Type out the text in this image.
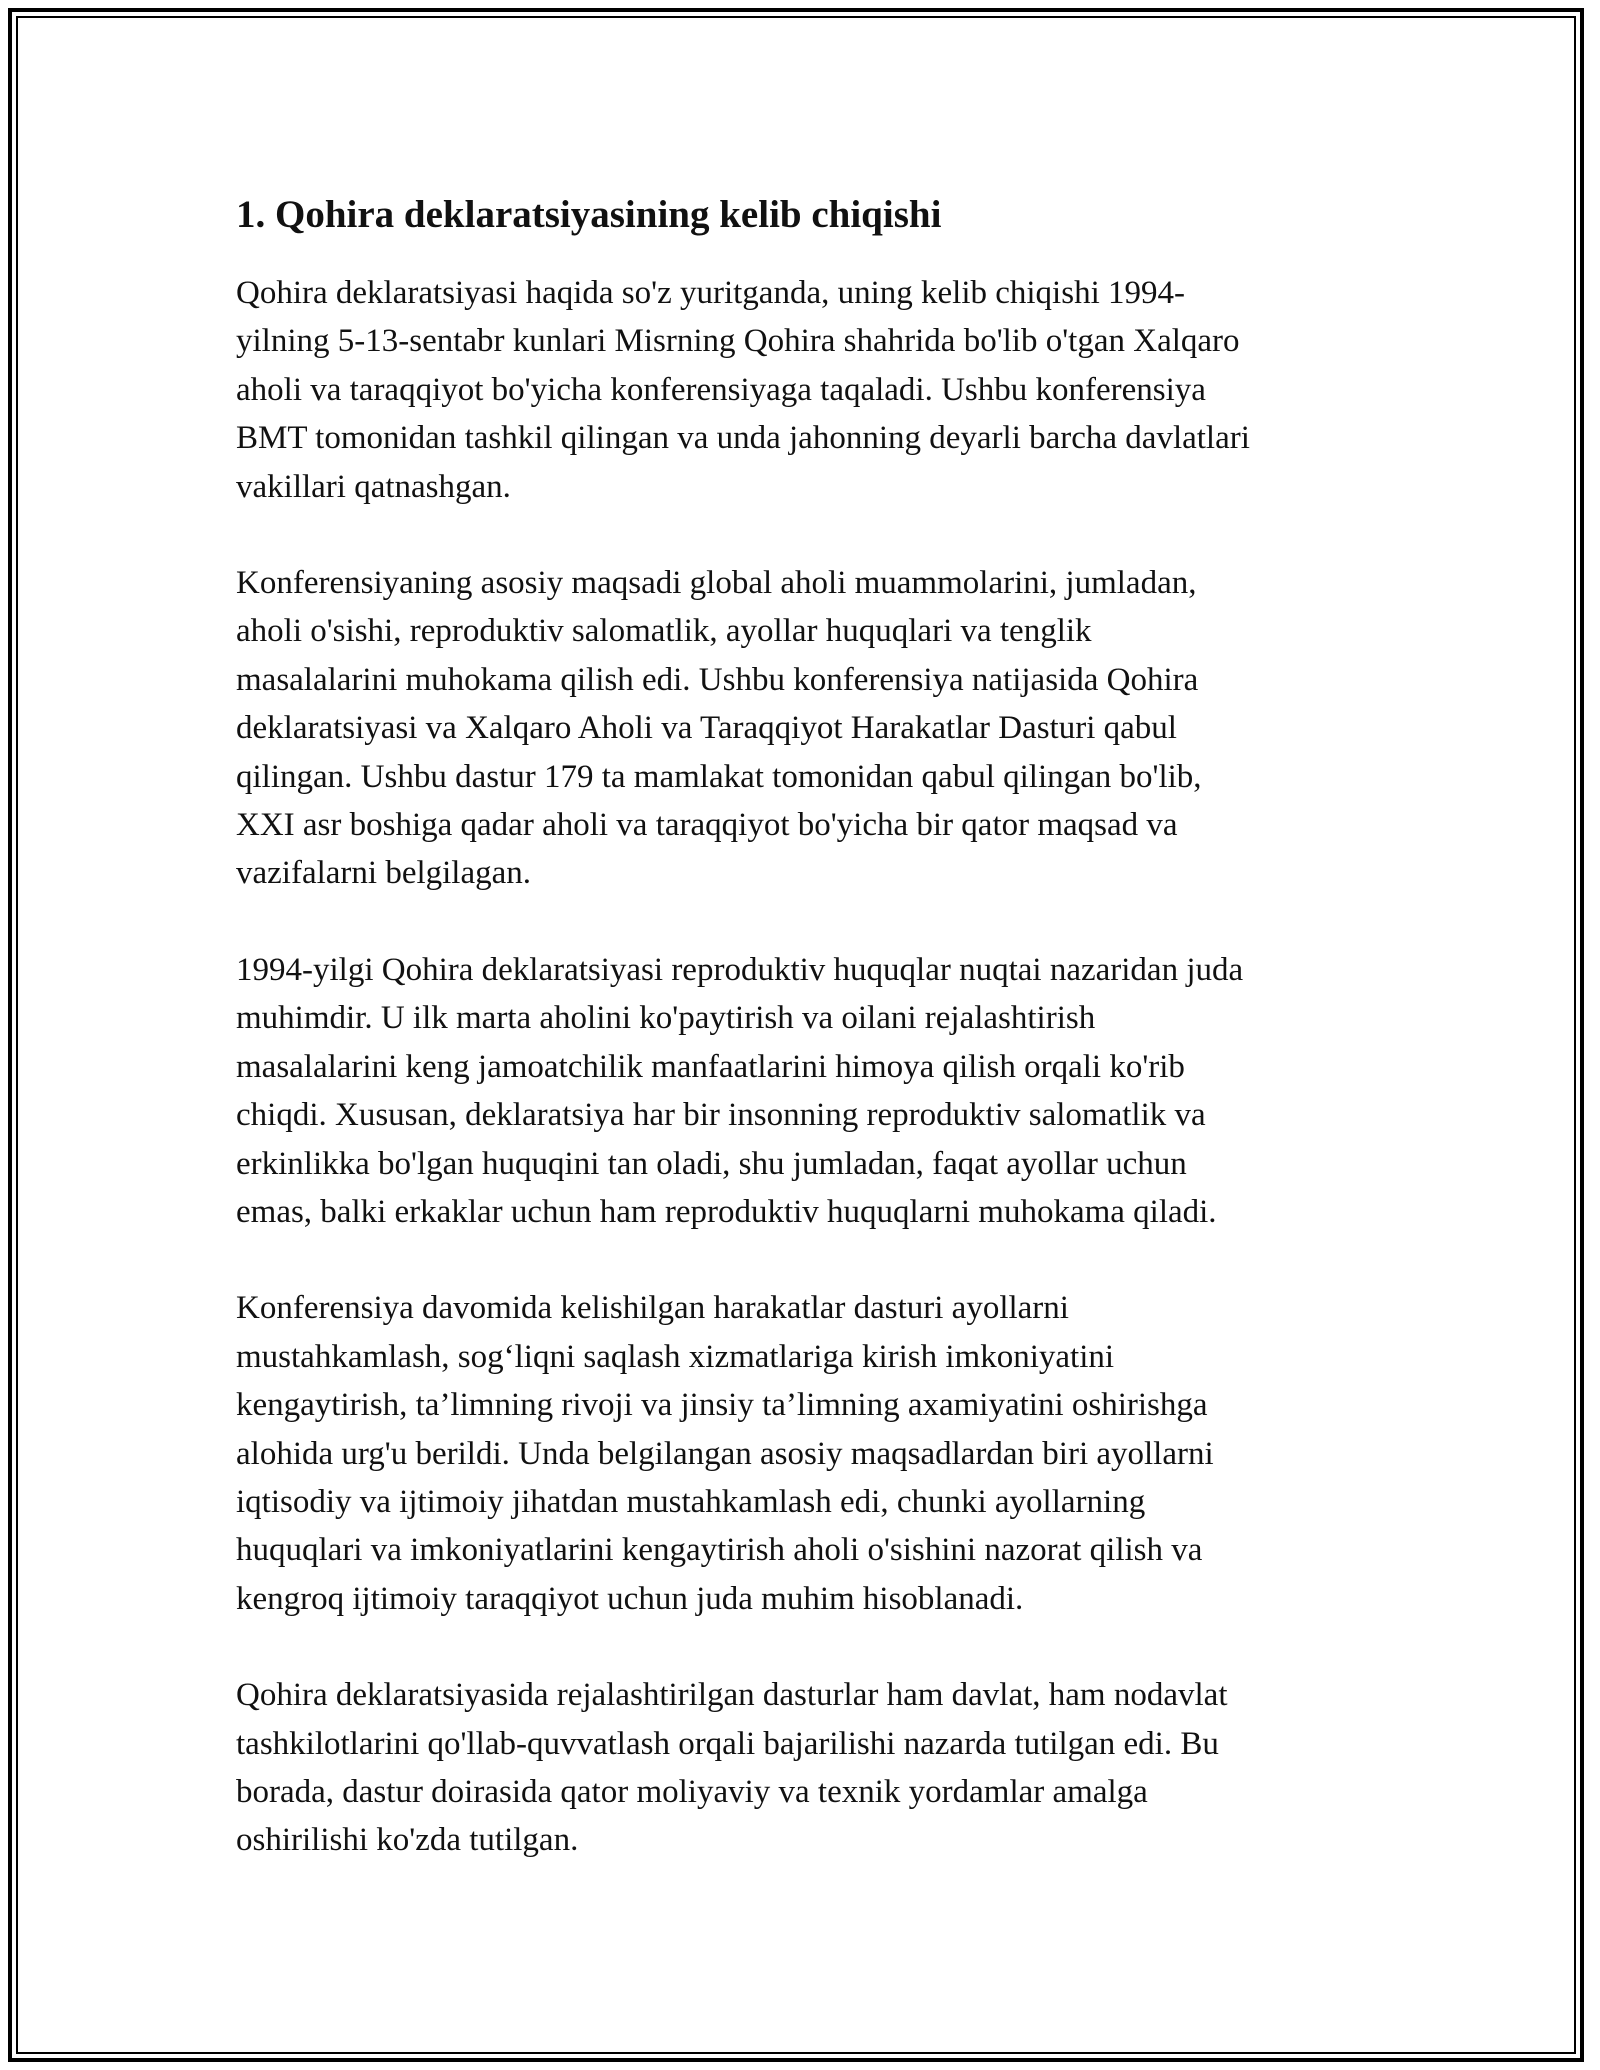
1. Qohira deklaratsiyasining kelib chiqishi

Qohira deklaratsiyasi haqida so'z yuritganda, uning kelib chiqishi 1994-
yilning 5-13-sentabr kunlari Misrning Qohira shahrida bo'lib o'tgan Xalqaro
aholi va taraqqiyot bo'yicha konferensiyaga taqaladi. Ushbu konferensiya
BMT tomonidan tashkil qilingan va unda jahonning deyarli barcha davlatlari
vakillari qatnashgan.

Konferensiyaning asosiy maqsadi global aholi muammolarini, jumladan,
aholi o'sishi, reproduktiv salomatlik, ayollar huquqlari va tenglik
masalalarini muhokama qilish edi. Ushbu konferensiya natijasida Qohira
deklaratsiyasi va Xalqaro Aholi va Taraqqiyot Harakatlar Dasturi qabul
qilingan. Ushbu dastur 179 ta mamlakat tomonidan qabul qilingan bo'lib,
XXI asr boshiga qadar aholi va taraqqiyot bo'yicha bir qator maqsad va
vazifalarni belgilagan.

1994-yilgi Qohira deklaratsiyasi reproduktiv huquqlar nuqtai nazaridan juda
muhimdir. U ilk marta aholini ko'paytirish va oilani rejalashtirish
masalalarini keng jamoatchilik manfaatlarini himoya qilish orqali ko'rib
chiqdi. Xususan, deklaratsiya har bir insonning reproduktiv salomatlik va
erkinlikka bo'lgan huquqini tan oladi, shu jumladan, faqat ayollar uchun
emas, balki erkaklar uchun ham reproduktiv huquqlarni muhokama qiladi.

Konferensiya davomida kelishilgan harakatlar dasturi ayollarni
mustahkamlash, sog‘liqni saqlash xizmatlariga kirish imkoniyatini
kengaytirish, ta’limning rivoji va jinsiy ta’limning axamiyatini oshirishga
alohida urg'u berildi. Unda belgilangan asosiy maqsadlardan biri ayollarni
iqtisodiy va ijtimoiy jihatdan mustahkamlash edi, chunki ayollarning
huquqlari va imkoniyatlarini kengaytirish aholi o'sishini nazorat qilish va
kengroq ijtimoiy taraqqiyot uchun juda muhim hisoblanadi.

Qohira deklaratsiyasida rejalashtirilgan dasturlar ham davlat, ham nodavlat
tashkilotlarini qo'llab-quvvatlash orqali bajarilishi nazarda tutilgan edi. Bu
borada, dastur doirasida qator moliyaviy va texnik yordamlar amalga
oshirilishi ko'zda tutilgan.
